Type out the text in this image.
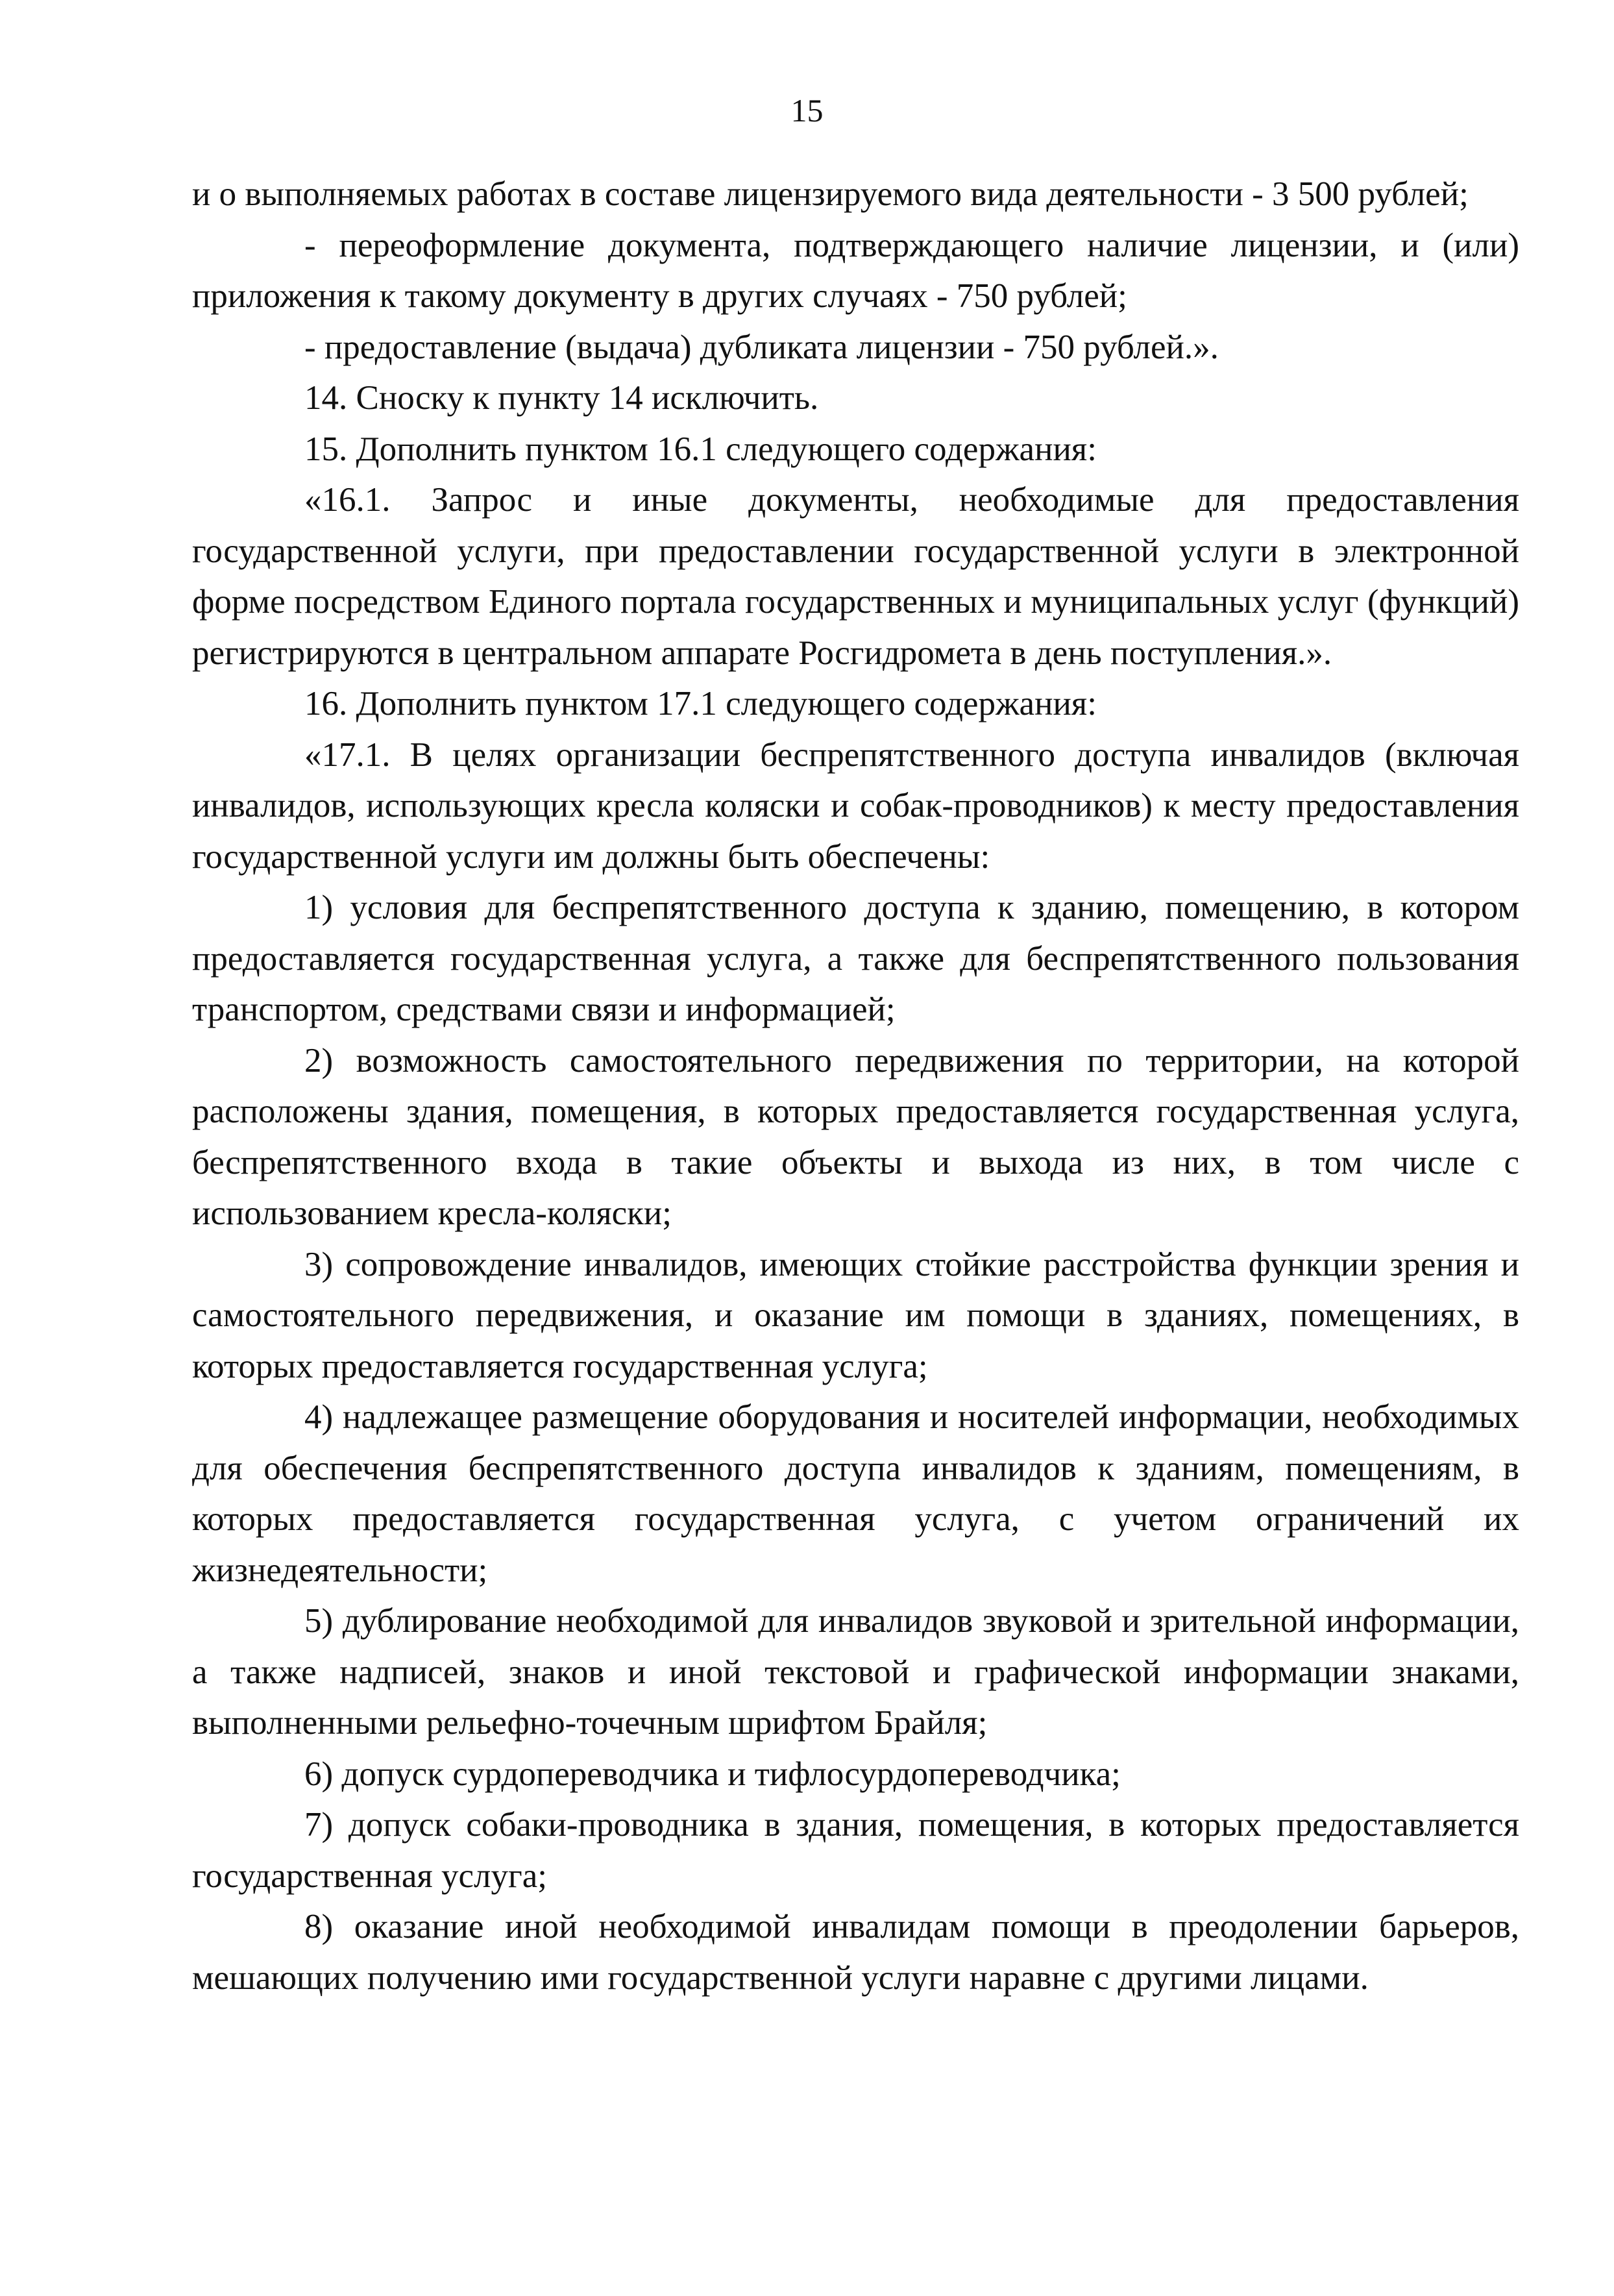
15

и о выполняемых работах в составе лицензируемого вида деятельности - 3 500 рублей;

- переоформление документа, подтверждающего наличие лицензии, и (или) приложения к такому документу в других случаях - 750 рублей;

- предоставление (выдача) дубликата лицензии - 750 рублей.».

14. Сноску к пункту 14 исключить.

15. Дополнить пунктом 16.1 следующего содержания:

«16.1. Запрос и иные документы, необходимые для предоставления государственной услуги, при предоставлении государственной услуги в электронной форме посредством Единого портала государственных и муниципальных услуг (функций) регистрируются в центральном аппарате Росгидромета в день поступления.».

16. Дополнить пунктом 17.1 следующего содержания:

«17.1. В целях организации беспрепятственного доступа инвалидов (включая инвалидов, использующих кресла коляски и собак-проводников) к месту предоставления государственной услуги им должны быть обеспечены:

1) условия для беспрепятственного доступа к зданию, помещению, в котором предоставляется государственная услуга, а также для беспрепятственного пользования транспортом, средствами связи и информацией;

2) возможность самостоятельного передвижения по территории, на которой расположены здания, помещения, в которых предоставляется государственная услуга, беспрепятственного входа в такие объекты и выхода из них, в том числе с использованием кресла-коляски;

3) сопровождение инвалидов, имеющих стойкие расстройства функции зрения и самостоятельного передвижения, и оказание им помощи в зданиях, помещениях, в которых предоставляется государственная услуга;

4) надлежащее размещение оборудования и носителей информации, необходимых для обеспечения беспрепятственного доступа инвалидов к зданиям, помещениям, в которых предоставляется государственная услуга, с учетом ограничений их жизнедеятельности;

5) дублирование необходимой для инвалидов звуковой и зрительной информации, а также надписей, знаков и иной текстовой и графической информации знаками, выполненными рельефно-точечным шрифтом Брайля;

6) допуск сурдопереводчика и тифлосурдопереводчика;

7) допуск собаки-проводника в здания, помещения, в которых предоставляется государственная услуга;

8) оказание иной необходимой инвалидам помощи в преодолении барьеров, мешающих получению ими государственной услуги наравне с другими лицами.
